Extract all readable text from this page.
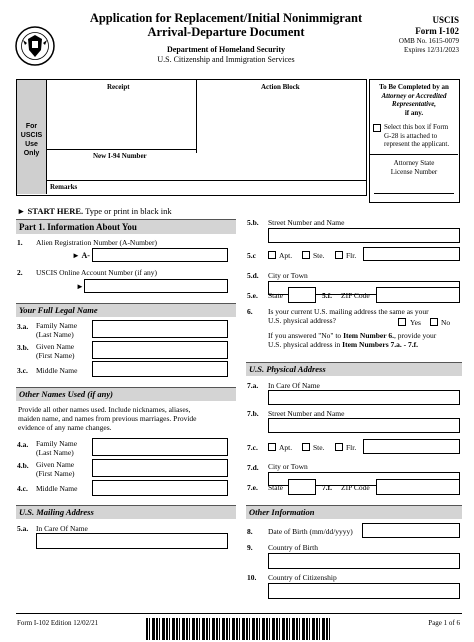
Application for Replacement/Initial Nonimmigrant
Arrival-Departure Document
Department of Homeland Security
U.S. Citizenship and Immigration Services
USCIS
Form I-102
OMB No. 1615-0079
Expires 12/31/2023
For
USCIS
Use
Only
Receipt	Action Block
New I-94 Number
Remarks
To Be Completed by an
Attorney or Accredited
Representative,
if any.
Select this box if Form
G-28 is attached to
represent the applicant.
Attorney State
License Number
► START HERE. Type or print in black ink
Part 1. Information About You
1. Alien Registration Number (A-Number)
► A-
2. USCIS Online Account Number (if any)
►
Your Full Legal Name
3.a. Family Name
(Last Name)
3.b. Given Name
(First Name)
3.c. Middle Name
Other Names Used (if any)
Provide all other names used. Include nicknames, aliases,
maiden name, and names from previous marriages. Provide
evidence of any name changes.
4.a. Family Name
(Last Name)
4.b. Given Name
(First Name)
4.c. Middle Name
U.S. Mailing Address
5.a. In Care Of Name
5.b. Street Number and Name
5.c	Apt.	Ste.	Flr.
5.d. City or Town
5.e. State	5.f. ZIP Code
6. Is your current U.S. mailing address the same as your
U.S. physical address?	Yes	No
If you answered "No" to Item Number 6., provide your
U.S. physical address in Item Numbers 7.a. - 7.f.
U.S. Physical Address
7.a. In Care Of Name
7.b. Street Number and Name
7.c.	Apt.	Ste.	Flr.
7.d. City or Town
7.e. State	7.f. ZIP Code
Other Information
8. Date of Birth (mm/dd/yyyy)
9. Country of Birth
10. Country of Citizenship
Form I-102 Edition 12/02/21	Page 1 of 6
